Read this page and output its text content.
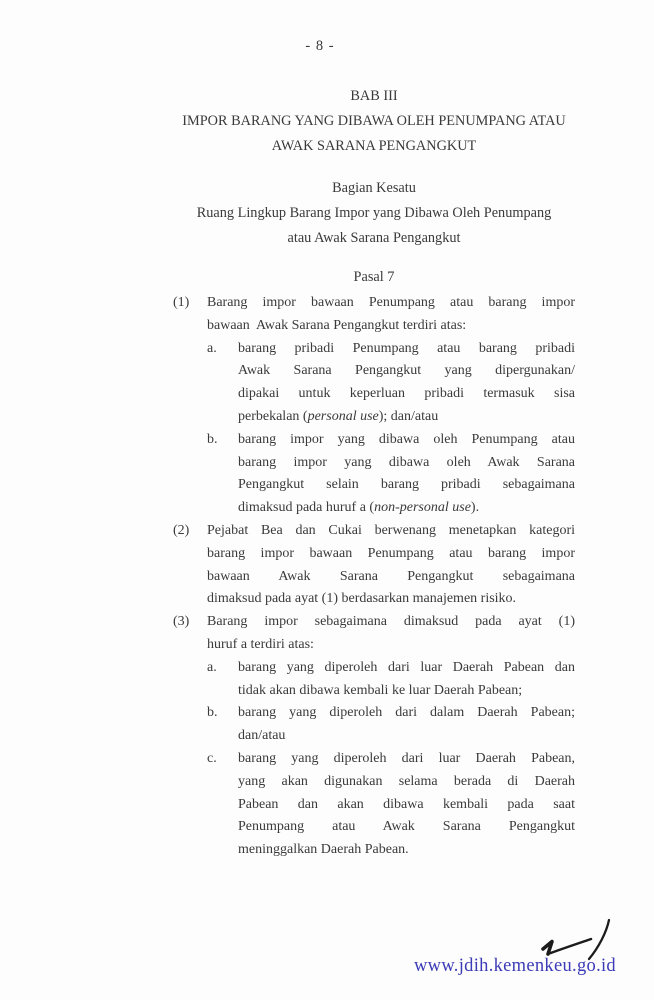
- 8 -
BAB III
IMPOR BARANG YANG DIBAWA OLEH PENUMPANG ATAU
AWAK SARANA PENGANGKUT
Bagian Kesatu
Ruang Lingkup Barang Impor yang Dibawa Oleh Penumpang
atau Awak Sarana Pengangkut
Pasal 7
(1)	Barang impor bawaan Penumpang atau barang impor
bawaan  Awak Sarana Pengangkut terdiri atas:
a.	barang pribadi Penumpang atau barang pribadi
Awak Sarana Pengangkut yang dipergunakan/
dipakai untuk keperluan pribadi termasuk sisa
perbekalan (personal use); dan/atau
b.	barang impor yang dibawa oleh Penumpang atau
barang impor yang dibawa oleh Awak Sarana
Pengangkut selain barang pribadi sebagaimana
dimaksud pada huruf a (non-personal use).
(2)	Pejabat Bea dan Cukai berwenang menetapkan kategori
barang impor bawaan Penumpang atau barang impor
bawaan Awak Sarana Pengangkut sebagaimana
dimaksud pada ayat (1) berdasarkan manajemen risiko.
(3)	Barang impor sebagaimana dimaksud pada ayat (1)
huruf a terdiri atas:
a.	barang yang diperoleh dari luar Daerah Pabean dan
tidak akan dibawa kembali ke luar Daerah Pabean;
b.	barang yang diperoleh dari dalam Daerah Pabean;
dan/atau
c.	barang yang diperoleh dari luar Daerah Pabean,
yang akan digunakan selama berada di Daerah
Pabean dan akan dibawa kembali pada saat
Penumpang atau Awak Sarana Pengangkut
meninggalkan Daerah Pabean.
www.jdih.kemenkeu.go.id
